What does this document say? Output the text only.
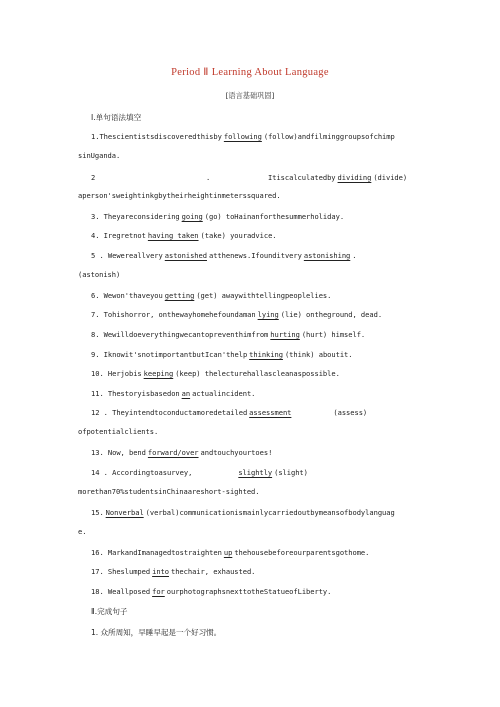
Period Ⅱ Learning About Language
[语言基础巩固]
Ⅰ.单句语法填空
1.Thescientistsdiscoveredthisby following (follow)andfilminggroupsofchimp
sinUganda.
2	.	Itiscalculatedby dividing (divide)
aperson'sweightinkgbytheirheightinmeterssquared.
3. Theyareconsidering going (go) toHainanforthesummerholiday.
4. Iregretnot having taken (take) youradvice.
5 . Wewereallvery astonished atthenews.Ifounditvery astonishing .
(astonish)
6. Wewon'thaveyou getting (get) awaywithtellingpeoplelies.
7. Tohishorror, onthewayhomehefoundaman lying (lie) ontheground, dead.
8. Wewilldoeverythingwecantopreventhimfrom hurting (hurt) himself.
9. Iknowit'snotimportantbutIcan'thelp thinking (think) aboutit.
10. Herjobis keeping (keep) thelecturehallascleanaspossible.
11. Thestoryisbasedon an actualincident.
12 . Theyintendtoconductamoredetailed assessment	(assess)
ofpotentialclients.
13. Now, bend forward/over andtouchyourtoes!
14 . Accordingtoasurvey,	slightly (slight)
morethan70%studentsinChinaareshort-sighted.
15. Nonverbal (verbal)communicationismainlycarriedoutbymeansofbodylanguag
e.
16. MarkandImanagedtostraighten up thehousebeforeourparentsgothome.
17. Sheslumped into thechair, exhausted.
18. Weallposed for ourphotographsnexttotheStatueofLiberty.
Ⅱ.完成句子
1. 众所周知，早睡早起是一个好习惯。
